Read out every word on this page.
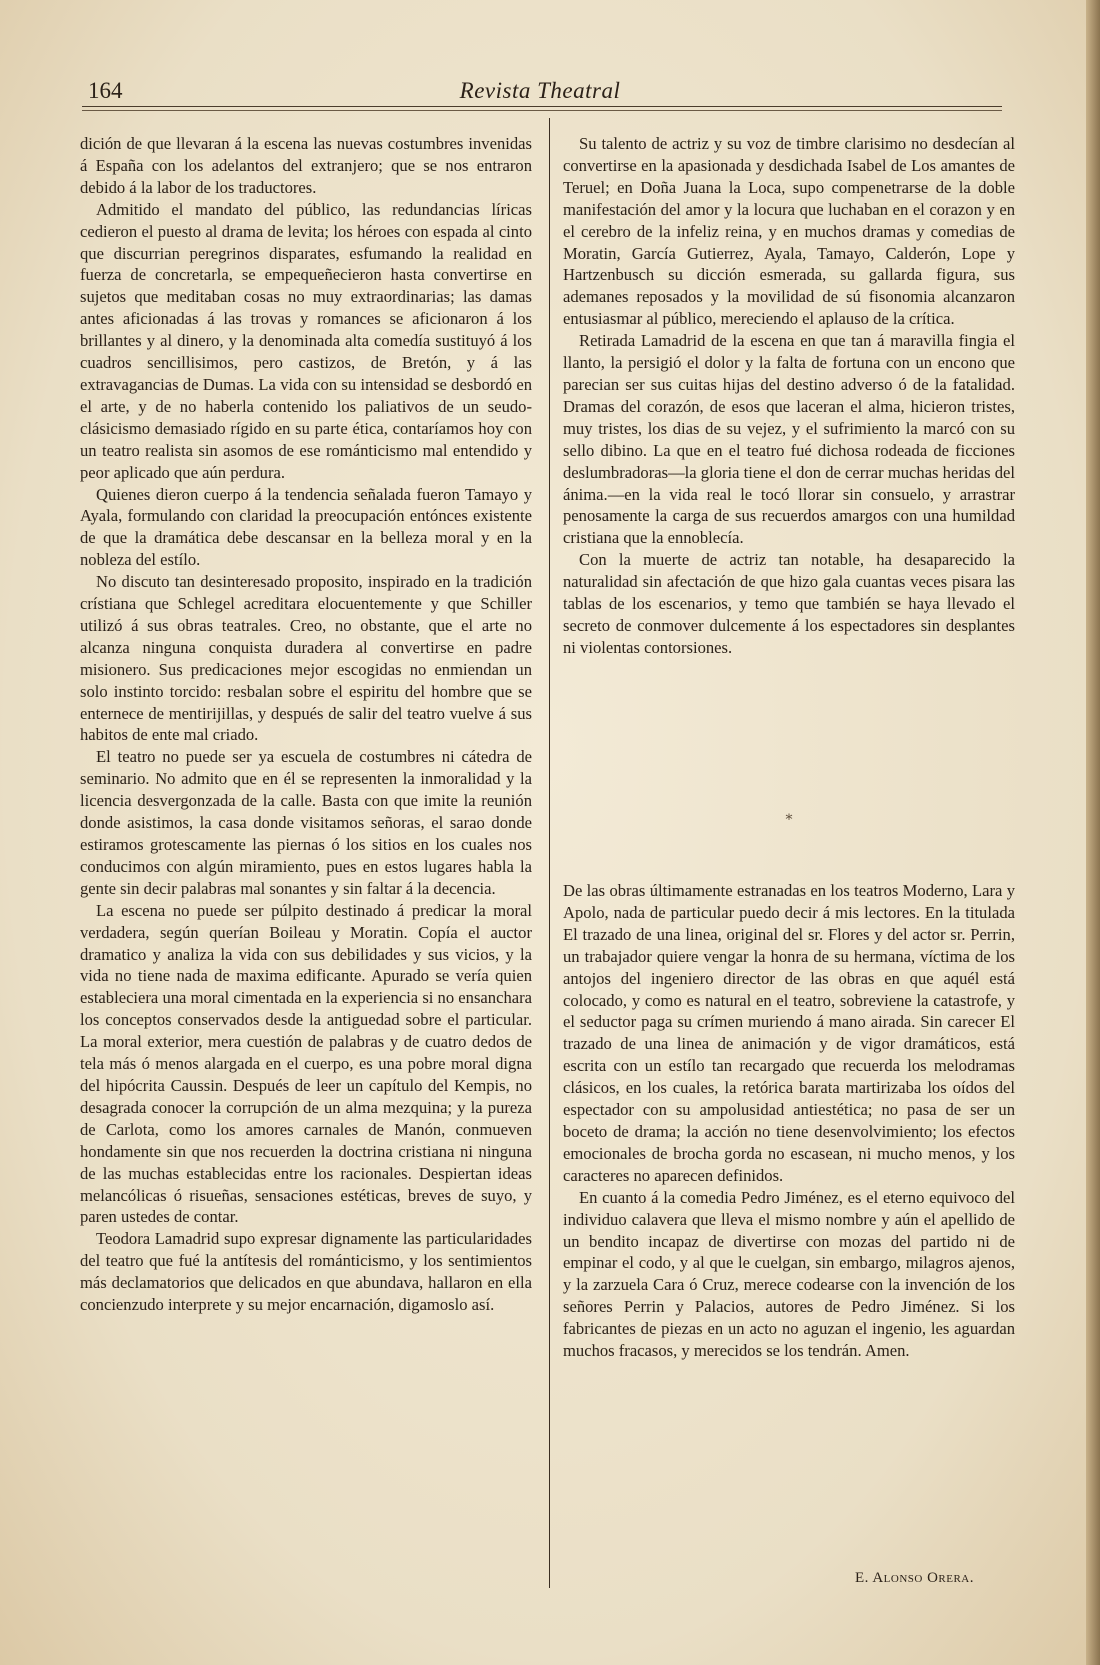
164	Revista Theatral

dición de que llevaran á la escena las nuevas costumbres invenidas á España con los adelantos del extranjero; que se nos entraron debido á la labor de los traductores.

Admitido el mandato del público, las redundancias líricas cedieron el puesto al drama de levita; los héroes con espada al cinto que discurrian peregrinos disparates, esfumando la realidad en fuerza de concretarla, se empequeñecieron hasta convertirse en sujetos que meditaban cosas no muy extraordinarias; las damas antes aficionadas á las trovas y romances se aficionaron á los brillantes y al dinero, y la denominada alta comedía sustituyó á los cuadros sencillisimos, pero castizos, de Bretón, y á las extravagancias de Dumas. La vida con su intensidad se desbordó en el arte, y de no haberla contenido los paliativos de un seudo-clásicismo demasiado rígido en su parte ética, contaríamos hoy con un teatro realista sin asomos de ese románticismo mal entendido y peor aplicado que aún perdura.

Quienes dieron cuerpo á la tendencia señalada fueron Tamayo y Ayala, formulando con claridad la preocupación entónces existente de que la dramática debe descansar en la belleza moral y en la nobleza del estílo.

No discuto tan desinteresado proposito, inspirado en la tradición crístiana que Schlegel acreditara elocuentemente y que Schiller utilizó á sus obras teatrales. Creo, no obstante, que el arte no alcanza ninguna conquista duradera al convertirse en padre misionero. Sus predicaciones mejor escogidas no enmiendan un solo instinto torcido: resbalan sobre el espiritu del hombre que se enternece de mentirijillas, y después de salir del teatro vuelve á sus habitos de ente mal criado.

El teatro no puede ser ya escuela de costumbres ni cátedra de seminario. No admito que en él se representen la inmoralidad y la licencia desvergonzada de la calle. Basta con que imite la reunión donde asistimos, la casa donde visitamos señoras, el sarao donde estiramos grotescamente las piernas ó los sitios en los cuales nos conducimos con algún miramiento, pues en estos lugares habla la gente sin decir palabras mal sonantes y sin faltar á la decencia.

La escena no puede ser púlpito destinado á predicar la moral verdadera, según querían Boileau y Moratin. Copía el auctor dramatico y analiza la vida con sus debilidades y sus vicios, y la vida no tiene nada de maxima edificante. Apurado se vería quien estableciera una moral cimentada en la experiencia si no ensanchara los conceptos conservados desde la antiguedad sobre el particular. La moral exterior, mera cuestión de palabras y de cuatro dedos de tela más ó menos alargada en el cuerpo, es una pobre moral digna del hipócrita Caussin. Después de leer un capítulo del Kempis, no desagrada conocer la corrupción de un alma mezquina; y la pureza de Carlota, como los amores carnales de Manón, conmueven hondamente sin que nos recuerden la doctrina cristiana ni ninguna de las muchas establecidas entre los racionales. Despiertan ideas melancólicas ó risueñas, sensaciones estéticas, breves de suyo, y paren ustedes de contar.

Teodora Lamadrid supo expresar dignamente las particularidades del teatro que fué la antítesis del románticismo, y los sentimientos más declamatorios que delicados en que abundava, hallaron en ella concienzudo interprete y su mejor encarnación, digamoslo así.

Su talento de actriz y su voz de timbre clarisimo no desdecían al convertirse en la apasionada y desdichada Isabel de Los amantes de Teruel; en Doña Juana la Loca, supo compenetrarse de la doble manifestación del amor y la locura que luchaban en el corazon y en el cerebro de la infeliz reina, y en muchos dramas y comedias de Moratin, García Gutierrez, Ayala, Tamayo, Calderón, Lope y Hartzenbusch su dicción esmerada, su gallarda figura, sus ademanes reposados y la movilidad de sú fisonomia alcanzaron entusiasmar al público, mereciendo el aplauso de la crítica.

Retirada Lamadrid de la escena en que tan á maravilla fingia el llanto, la persigió el dolor y la falta de fortuna con un encono que parecian ser sus cuitas hijas del destino adverso ó de la fatalidad. Dramas del corazón, de esos que laceran el alma, hicieron tristes, muy tristes, los dias de su vejez, y el sufrimiento la marcó con su sello dibino. La que en el teatro fué dichosa rodeada de ficciones deslumbradoras—la gloria tiene el don de cerrar muchas heridas del ánima.—en la vida real le tocó llorar sin consuelo, y arrastrar penosamente la carga de sus recuerdos amargos con una humildad cristiana que la ennoblecía.

Con la muerte de actriz tan notable, ha desaparecido la naturalidad sin afectación de que hizo gala cuantas veces pisara las tablas de los escenarios, y temo que también se haya llevado el secreto de conmover dulcemente á los espectadores sin desplantes ni violentas contorsiones.

*

De las obras últimamente estranadas en los teatros Moderno, Lara y Apolo, nada de particular puedo decir á mis lectores. En la titulada El trazado de una linea, original del sr. Flores y del actor sr. Perrin, un trabajador quiere vengar la honra de su hermana, víctima de los antojos del ingeniero director de las obras en que aquél está colocado, y como es natural en el teatro, sobreviene la catastrofe, y el seductor paga su crímen muriendo á mano airada. Sin carecer El trazado de una linea de animación y de vigor dramáticos, está escrita con un estílo tan recargado que recuerda los melodramas clásicos, en los cuales, la retórica barata martirizaba los oídos del espectador con su ampolusidad antiestética; no pasa de ser un boceto de drama; la acción no tiene desenvolvimiento; los efectos emocionales de brocha gorda no escasean, ni mucho menos, y los caracteres no aparecen definidos.

En cuanto á la comedia Pedro Jiménez, es el eterno equivoco del individuo calavera que lleva el mismo nombre y aún el apellido de un bendito incapaz de divertirse con mozas del partido ni de empinar el codo, y al que le cuelgan, sin embargo, milagros ajenos, y la zarzuela Cara ó Cruz, merece codearse con la invención de los señores Perrin y Palacios, autores de Pedro Jiménez. Si los fabricantes de piezas en un acto no aguzan el ingenio, les aguardan muchos fracasos, y merecidos se los tendrán. Amen.

E. Alonso Orera.
